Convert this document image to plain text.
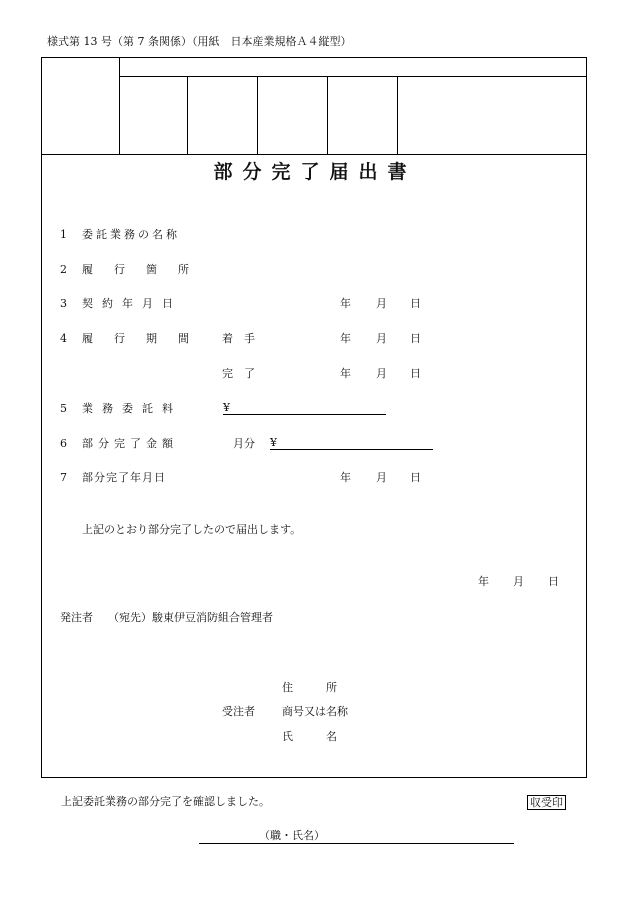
様式第 13 号（第 7 条関係）（用紙　日本産業規格Ａ４縦型）
部分完了届出書
1 委託業務の名称
2 履行箇所
3 契約年月日	年 月 日
4 履行期間 着　手	年 月 日
完　了	年 月 日
5 業務委託料	¥
6 部分完了金額	月分 ¥
7 部分完了年月日	年 月 日
上記のとおり部分完了したので届出します。
年 月 日
発注者 （宛先）駿東伊豆消防組合管理者
住　　　所
受注者 商号又は名称
氏　　　名
上記委託業務の部分完了を確認しました。	収受印
（職・氏名）
